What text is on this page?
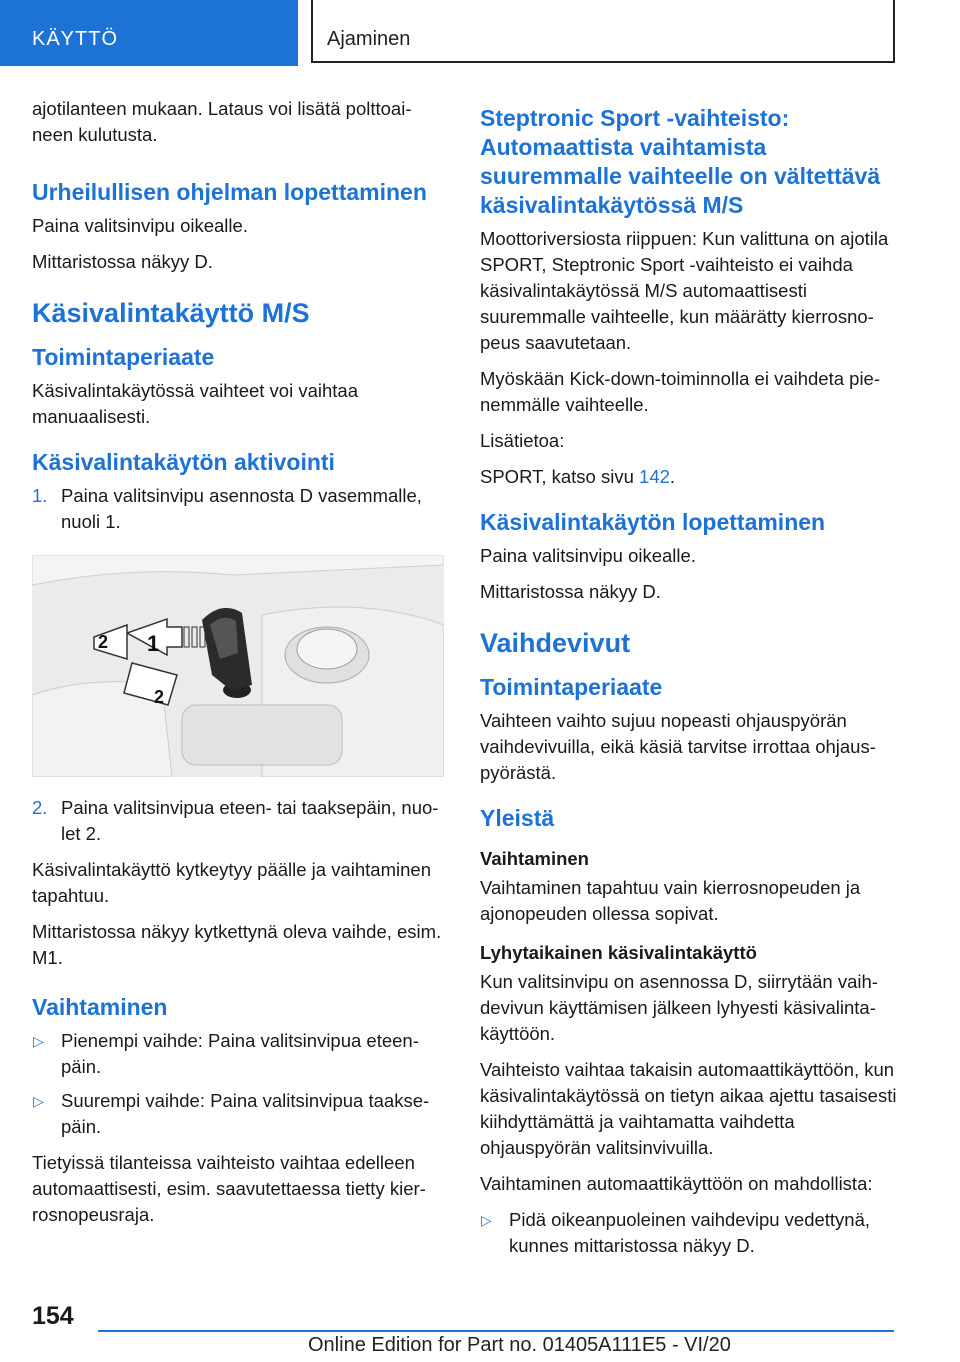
KÄYTTÖ	Ajaminen

ajotilanteen mukaan. Lataus voi lisätä polttoaineen kulutusta.

Urheilullisen ohjelman lopettaminen

Paina valitsinvipu oikealle.

Mittaristossa näkyy D.

Käsivalintakäyttö M/S
Toimintaperiaate

Käsivalintakäytössä vaihteet voi vaihtaa manuaalisesti.

Käsivalintakäytön aktivointi
1. Paina valitsinvipu asennosta D vasemmalle, nuoli 1.
1
2
2
2. Paina valitsinvipua eteen- tai taaksepäin, nuolet 2.

Käsivalintakäyttö kytkeytyy päälle ja vaihtaminen tapahtuu.

Mittaristossa näkyy kytkettynä oleva vaihde, esim. M1.

Vaihtaminen
▷ Pienempi vaihde: Paina valitsinvipua eteenpäin.
▷ Suurempi vaihde: Paina valitsinvipua taaksepäin.

Tietyissä tilanteissa vaihteisto vaihtaa edelleen automaattisesti, esim. saavutettaessa tietty kierrosnopeusraja.

Steptronic Sport -vaihteisto: Automaattista vaihtamista suuremmalle vaihteelle on vältettävä käsivalintakäytössä M/S

Moottoriversiosta riippuen: Kun valittuna on ajotila SPORT, Steptronic Sport -vaihteisto ei vaihda käsivalintakäytössä M/S automaattisesti suuremmalle vaihteelle, kun määrätty kierrosnopeus saavutetaan.

Myöskään Kick-down-toiminnolla ei vaihdeta pienemmälle vaihteelle.

Lisätietoa:

SPORT, katso sivu 142.

Käsivalintakäytön lopettaminen

Paina valitsinvipu oikealle.

Mittaristossa näkyy D.

Vaihdevivut
Toimintaperiaate

Vaihteen vaihto sujuu nopeasti ohjauspyörän vaihdevivuilla, eikä käsiä tarvitse irrottaa ohjauspyörästä.

Yleistä
Vaihtaminen

Vaihtaminen tapahtuu vain kierrosnopeuden ja ajonopeuden ollessa sopivat.

Lyhytaikainen käsivalintakäyttö

Kun valitsinvipu on asennossa D, siirrytään vaihdevivun käyttämisen jälkeen lyhyesti käsivalintakäyttöön.

Vaihteisto vaihtaa takaisin automaattikäyttöön, kun käsivalintakäytössä on tietyn aikaa ajettu tasaisesti kiihdyttämättä ja vaihtamatta vaihdetta ohjauspyörän valitsinvivuilla.

Vaihtaminen automaattikäyttöön on mahdollista:

▷ Pidä oikeanpuoleinen vaihdevipu vedettynä, kunnes mittaristossa näkyy D.
154
Online Edition for Part no. 01405A111E5 - VI/20
